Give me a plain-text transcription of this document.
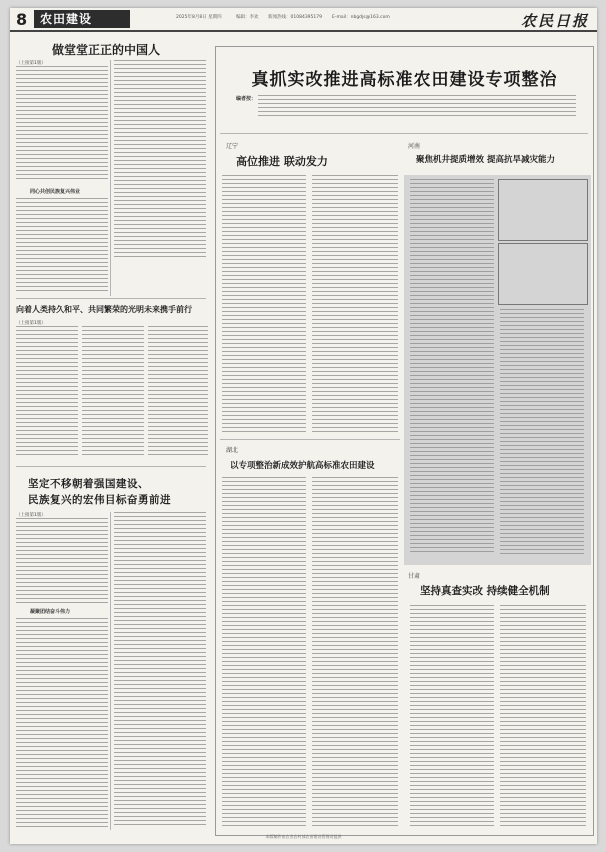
8	农田建设	2025年8月8日 星期四	编辑：李欢 新闻热线：01084395179 E-mail：nbgdjs@163.com	农民日报
做堂堂正正的中国人
（上接第1版）
同心共创民族复兴伟业
向着人类持久和平、共同繁荣的光明未来携手前行
（上接第1版）
坚定不移朝着强国建设、
民族复兴的宏伟目标奋勇前进
（上接第1版）
凝聚团结奋斗伟力
真抓实改推进高标准农田建设专项整治
编者按：
辽宁
高位推进 联动发力
河南
聚焦机井提质增效 提高抗旱减灾能力
湖北
以专项整治新成效护航高标准农田建设
甘肃
坚持真查实改 持续健全机制
本版稿件由农业农村部农田建设管理司提供
